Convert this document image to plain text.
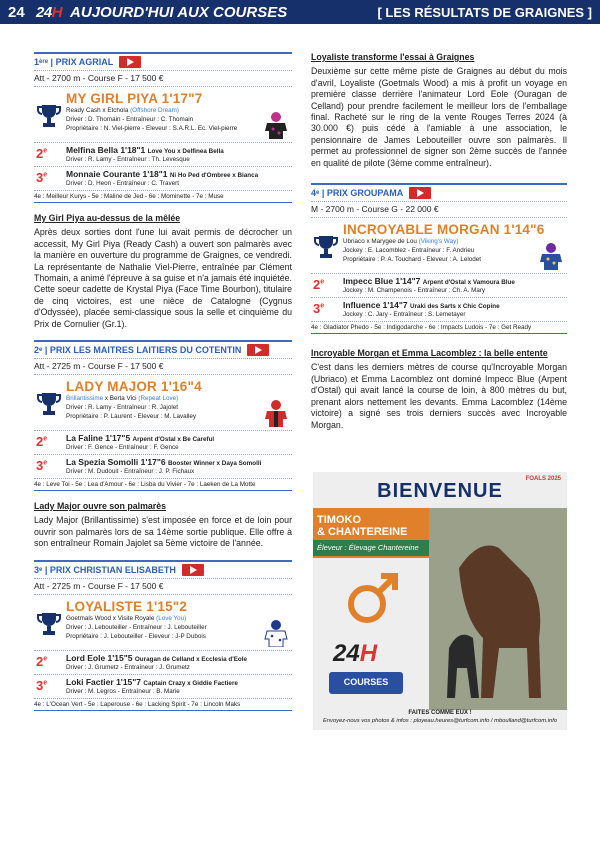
24 24H AUJOURD'HUI AUX COURSES	[ LES RÉSULTATS DE GRAIGNES ]
1 ère
| PRIX AGRIAL
Att - 2700 m - Course F - 17 500 €
MY GIRL PIYA 1'17"7
Ready Cash x Etchola (Offshore Dream)
Driver : D. Thomain - Entraîneur : C. Thomain
Propriétaire : N. Viel-pierre - Eleveur : S.A.R.L. Ec. Viel-pierre
2e Melfina Bella 1'18"1 Love You x Delfinea Bella
Driver : R. Lamy - Entraîneur : Th. Levesque
3e Monnaie Courante 1'18"1 Ni Ho Ped d'Ombree x Bianca
Driver : D. Heon - Entraîneur : C. Travert
4e : Meilleur Kurys - 5e : Maline de Jed - 6e : Mominette - 7e : Muse
My Girl Piya au-dessus de la mêlée
Après deux sorties dont l'une lui avait permis de décrocher un accessit, My Girl Piya (Ready Cash) a ouvert son palmarès avec la manière en ouverture du programme de Graignes, ce vendredi. La représentante de Nathalie Viel-Pierre, entraînée par Clément Thomain, a animé l'épreuve à sa guise et n'a jamais été inquiétée. Cette soeur cadette de Krystal Piya (Face Time Bourbon), titulaire de cinq victoires, est une nièce de Catalogne (Cygnus d'Odyssée), placée semi-classique sous la selle et cinquième du Prix de Cornulier (Gr.1).
2 e
| PRIX LES MAITRES LAITIERS DU COTENTIN
Att - 2725 m - Course F - 17 500 €
LADY MAJOR 1'16"4
Brillantissime x Berta Vici (Repeat Love)
Driver : R. Lamy - Entraîneur : R. Jajolet
Propriétaire : P. Laurent - Eleveur : M. Lavalley
2e La Faline 1'17"5 Arpent d'Ostal x Be Careful
Driver : F. Gence - Entraîneur : F. Gence
3e La Spezia Somolli 1'17"6 Booster Winner x Daya Somolli
Driver : M. Dudouit - Entraîneur : J. P. Fichaux
4e : Leve Toi - 5e : Lea d'Amour - 6e : Lisba du Vivier - 7e : Laeken de La Motte
Lady Major ouvre son palmarès
Lady Major (Brillantissime) s'est imposée en force et de loin pour ouvrir son palmarès lors de sa 14ème sortie publique. Elle offre à son entraîneur Romain Jajolet sa 5ème victoire de l'année.
3 e
| PRIX CHRISTIAN ELISABETH
Att - 2725 m - Course F - 17 500 €
LOYALISTE 1'15"2
Goetmals Wood x Visite Royale (Love You)
Driver : J. Lebouteiller - Entraîneur : J. Lebouteiller
Propriétaire : J. Lebouteiller - Eleveur : J-P Dubois
2e Lord Eole 1'15"5 Ouragan de Celland x Ecclesia d'Eole
Driver : J. Grumetz - Entraîneur : J. Grumetz
3e Loki Factier 1'15"7 Captain Crazy x Giddie Factiere
Driver : M. Legros - Entraîneur : B. Marie
4e : L'Ocean Vert - 5e : Laperouse - 6e : Lacking Spirit - 7e : Lincoln Maks
Loyaliste transforme l'essai à Graignes
Deuxième sur cette même piste de Graignes au début du mois d'avril, Loyaliste (Goetmals Wood) a mis à profit un voyage en première classe derrière l'animateur Lord Eole (Ouragan de Celland) pour prendre facilement le meilleur lors de l'emballage final. Racheté sur le ring de la vente Rouges Terres 2024 (à 30.000 €) puis cédé à l'amiable à une association, le pensionnaire de James Lebouteiller ouvre son palmarès. Il permet au professionnel de signer son 2ème succès de l'année en qualité de pilote (3ème comme entraîneur).
4 e
| PRIX GROUPAMA
M - 2700 m - Course G - 22 000 €
INCROYABLE MORGAN 1'14"6
Ubriaco x Marygee de Lou (Viking's Way)
Jockey : E. Lacomblez - Entraîneur : F. Andrieu
Propriétaire : P. A. Touchard - Eleveur : A. Lelodet
2e Impecc Blue 1'14"7 Arpent d'Ostal x Vamoura Blue
Jockey : M. Champenois - Entraîneur : Ch. A. Mary
3e Influence 1'14"7 Uraki des Sarts x Chic Copine
Jockey : C. Jary - Entraîneur : S. Lemetayer
4e : Gladiator Phedo - 5e : Indigodarche - 6e : Impacts Ludois - 7e : Get Ready
Incroyable Morgan et Emma Lacomblez : la belle entente
C'est dans les derniers mètres de course qu'Incroyable Morgan (Ubriaco) et Emma Lacomblez ont dominé Impecc Blue (Arpent d'Ostal) qui avait lancé la course de loin, à 800 mètres du but, prenant alors nettement les devants. Emma Lacomblez (14ème victoire) a signé ses trois derniers succès avec Incroyable Morgan.
BIENVENUE
FOALS 2025
TIMOKO
& CHANTEREINE
Éleveur : Élevage Chantereine
24H
COURSES
FAITES COMME EUX !
Envoyez-nous vos photos & infos : ployeau.heures@turfcom.info / mboulland@turfcom.info
